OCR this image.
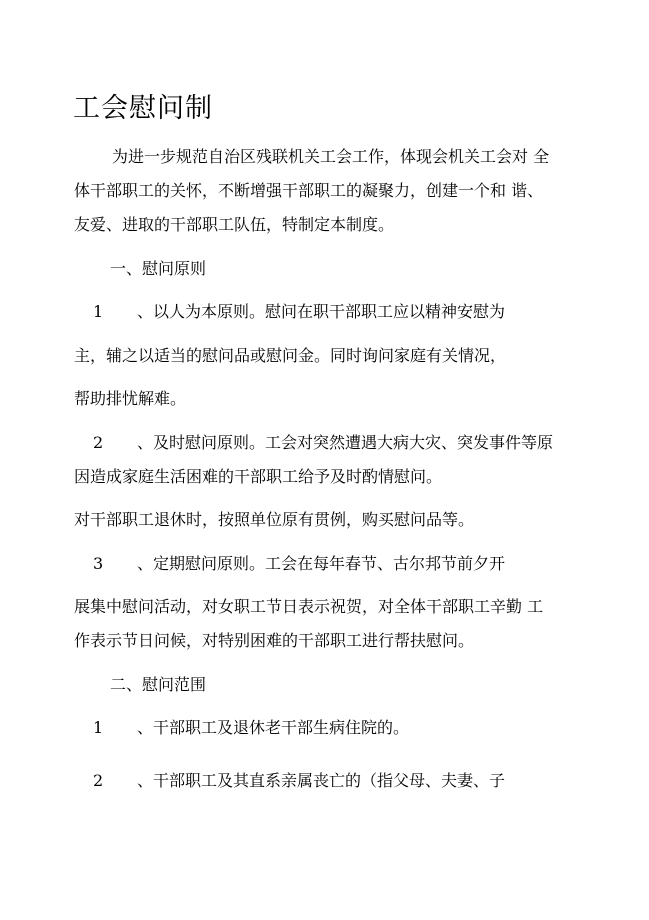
工会慰问制
为进一步规范自治区残联机关工会工作，体现会机关工会对 全
体干部职工的关怀，不断增强干部职工的凝聚力，创建一个和 谐、
友爱、进取的干部职工队伍，特制定本制度。
一、慰问原则
1 、以人为本原则。慰问在职干部职工应以精神安慰为
主，辅之以适当的慰问品或慰问金。同时询问家庭有关情况，
帮助排忧解难。
2 、及时慰问原则。工会对突然遭遇大病大灾、突发事件等原
因造成家庭生活困难的干部职工给予及时酌情慰问。
对干部职工退休时，按照单位原有贯例，购买慰问品等。
3 、定期慰问原则。工会在每年春节、古尔邦节前夕开
展集中慰问活动，对女职工节日表示祝贺，对全体干部职工辛勤 工
作表示节日问候，对特别困难的干部职工进行帮扶慰问。
二、慰问范围
1 、干部职工及退休老干部生病住院的。
2 、干部职工及其直系亲属丧亡的（指父母、夫妻、子
